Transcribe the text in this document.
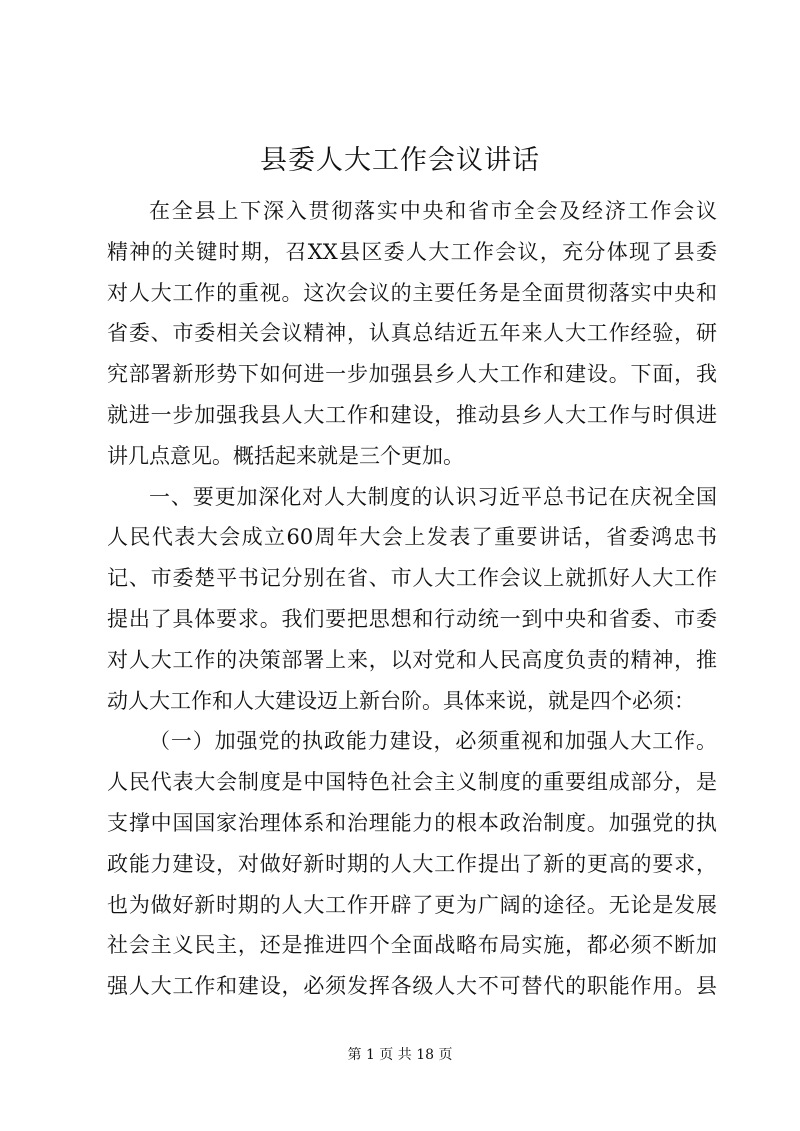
县委人大工作会议讲话
在全县上下深入贯彻落实中央和省市全会及经济工作会议
精神的关键时期，召XX县区委人大工作会议，充分体现了县委
对人大工作的重视。这次会议的主要任务是全面贯彻落实中央和
省委、市委相关会议精神，认真总结近五年来人大工作经验，研
究部署新形势下如何进一步加强县乡人大工作和建设。下面，我
就进一步加强我县人大工作和建设，推动县乡人大工作与时俱进
讲几点意见。概括起来就是三个更加。
一、要更加深化对人大制度的认识习近平总书记在庆祝全国
人民代表大会成立60周年大会上发表了重要讲话，省委鸿忠书
记、市委楚平书记分别在省、市人大工作会议上就抓好人大工作
提出了具体要求。我们要把思想和行动统一到中央和省委、市委
对人大工作的决策部署上来，以对党和人民高度负责的精神，推
动人大工作和人大建设迈上新台阶。具体来说，就是四个必须：
（一）加强党的执政能力建设，必须重视和加强人大工作。
人民代表大会制度是中国特色社会主义制度的重要组成部分，是
支撑中国国家治理体系和治理能力的根本政治制度。加强党的执
政能力建设，对做好新时期的人大工作提出了新的更高的要求，
也为做好新时期的人大工作开辟了更为广阔的途径。无论是发展
社会主义民主，还是推进四个全面战略布局实施，都必须不断加
强人大工作和建设，必须发挥各级人大不可替代的职能作用。县
第 1 页 共 18 页
